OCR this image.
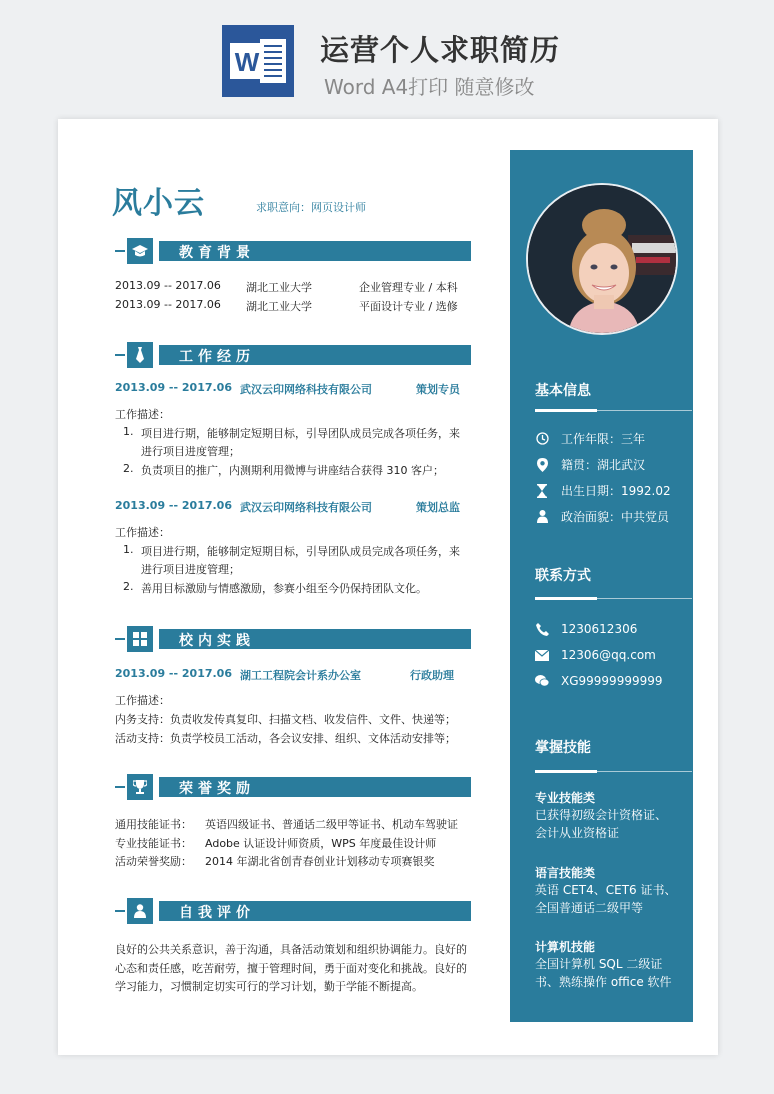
W 运营个人求职简历
Word A4打印 随意修改
风小云	求职意向：网页设计师
教育背景
2013.09 -- 2017.06 湖北工业大学	企业管理专业 / 本科
2013.09 -- 2017.06 湖北工业大学	平面设计专业 / 选修
工作经历
2013.09 -- 2017.06 武汉云印网络科技有限公司	策划专员
工作描述：
1. 项目进行期，能够制定短期目标，引导团队成员完成各项任务，来
进行项目进度管理；
2. 负责项目的推广，内测期利用微博与讲座结合获得 310 客户；
2013.09 -- 2017.06 武汉云印网络科技有限公司	策划总监
工作描述：
1. 项目进行期，能够制定短期目标，引导团队成员完成各项任务，来
进行项目进度管理；
2. 善用目标激励与情感激励，参赛小组至今仍保持团队文化。
校内实践
2013.09 -- 2017.06 湖工工程院会计系办公室	行政助理
工作描述：
内务支持：负责收发传真复印、扫描文档、收发信件、文件、快递等；
活动支持：负责学校员工活动，各会议安排、组织、文体活动安排等；
荣誉奖励
通用技能证书： 英语四级证书、普通话二级甲等证书、机动车驾驶证
专业技能证书： Adobe 认证设计师资质，WPS 年度最佳设计师
活动荣誉奖励： 2014 年湖北省创青春创业计划移动专项赛银奖
自我评价
良好的公共关系意识，善于沟通，具备活动策划和组织协调能力。良好的
心态和责任感，吃苦耐劳，擅于管理时间，勇于面对变化和挑战。良好的
学习能力，习惯制定切实可行的学习计划，勤于学能不断提高。
基本信息
工作年限：三年
籍贯：湖北武汉
出生日期：1992.02
政治面貌：中共党员
联系方式
1230612306
12306@qq.com
XG99999999999
掌握技能
专业技能类
已获得初级会计资格证、
会计从业资格证
语言技能类
英语 CET4、CET6 证书、
全国普通话二级甲等
计算机技能
全国计算机 SQL 二级证
书、熟练操作 office 软件
